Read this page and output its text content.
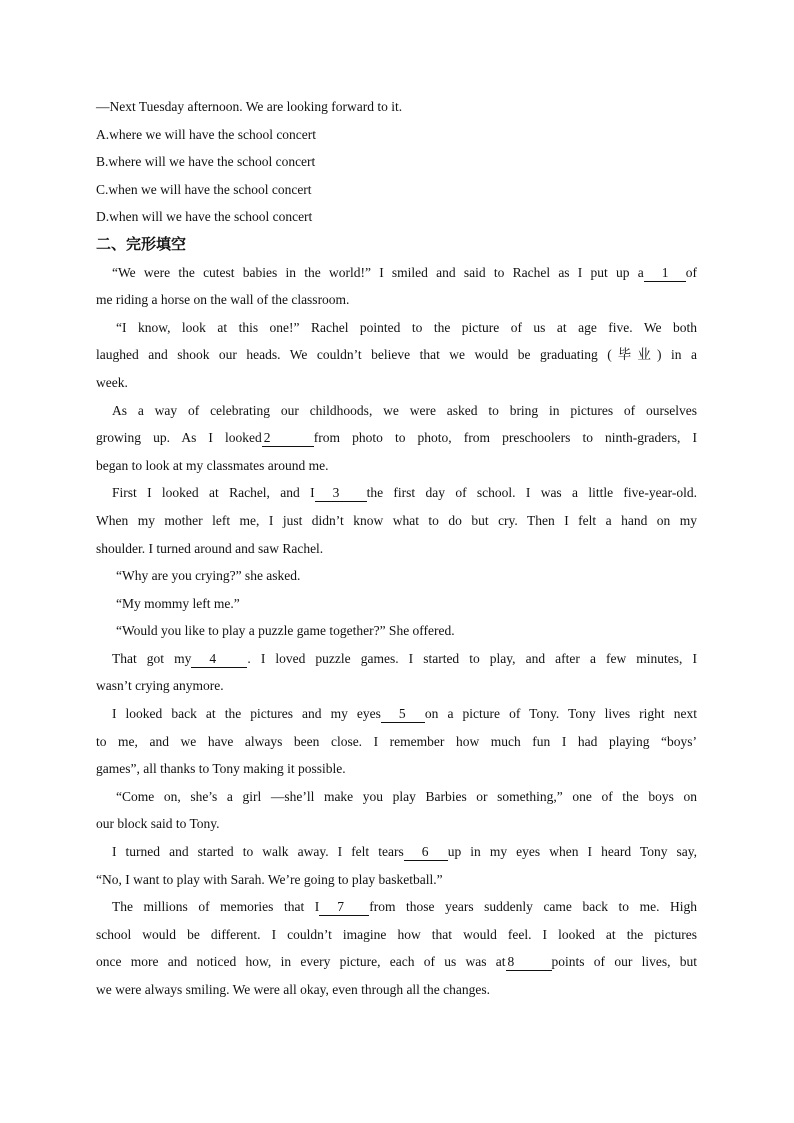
—Next Tuesday afternoon. We are looking forward to it.
A.where we will have the school concert
B.where will we have the school concert
C.when we will have the school concert
D.when will we have the school concert
二、完形填空
“We were the cutest babies in the world!” I smiled and said to Rachel as I put up a 1 of
me riding a horse on the wall of the classroom.
“I know, look at this one!” Rachel pointed to the picture of us at age five. We both
laughed and shook our heads. We couldn’t believe that we would be graduating (毕业) in a
week.
As a way of celebrating our childhoods, we were asked to bring in pictures of ourselves
growing up. As I looked 2	from photo to photo, from preschoolers to ninth-graders, I
began to look at my classmates around me.
First I looked at Rachel, and I 3 the first day of school. I was a little five-year-old.
When my mother left me, I just didn’t know what to do but cry. Then I felt a hand on my
shoulder. I turned around and saw Rachel.
“Why are you crying?” she asked.
“My mommy left me.”
“Would you like to play a puzzle game together?” She offered.
That got my 4 . I loved puzzle games. I started to play, and after a few minutes, I
wasn’t crying anymore.
I looked back at the pictures and my eyes 5 on a picture of Tony. Tony lives right next
to me, and we have always been close. I remember how much fun I had playing “boys’
games”, all thanks to Tony making it possible.
“Come on, she’s a girl —she’ll make you play Barbies or something,” one of the boys on
our block said to Tony.
I turned and started to walk away. I felt tears 6 up in my eyes when I heard Tony say,
“No, I want to play with Sarah. We’re going to play basketball.”
The millions of memories that I 7 from those years suddenly came back to me. High
school would be different. I couldn’t imagine how that would feel. I looked at the pictures
once more and noticed how, in every picture, each of us was at 8	points of our lives, but
we were always smiling. We were all okay, even through all the changes.
